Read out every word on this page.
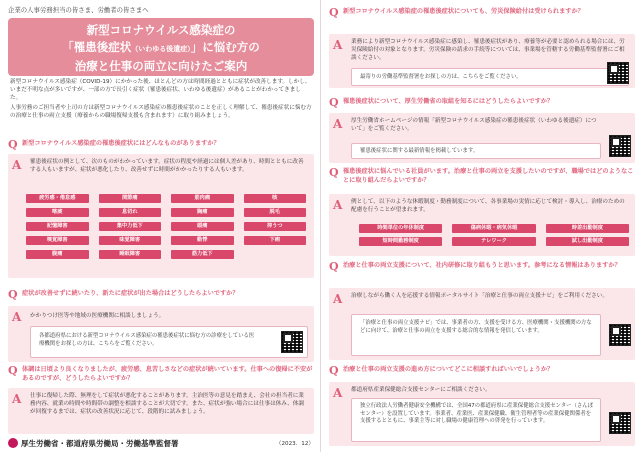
企業の人事労務担当の皆さま、労働者の皆さまへ
新型コロナウイルス感染症の
「罹患後症状（いわゆる後遺症）」に悩む方の
治療と仕事の両立に向けたご案内

新型コロナウイルス感染症（COVID-19）にかかった後、ほとんどの方は時間経過とともに症状が改善します。しかし、いまだ不明な点が多いですが、一部の方で長引く症状（罹患後症状、いわゆる後遺症）があることがわかってきました。

人事労務のご担当者や上司の方は新型コロナウイルス感染症の罹患後症状のことを正しく理解して、罹患後症状に悩む方の治療と仕事の両立支援（療養からの職場復帰支援も含まれます）に取り組みましょう。

Q 新型コロナウイルス感染症の罹患後症状にはどんなものがありますか？
A 罹患後症状の例として、次のものがわかっています。症状の程度や経過には個人差があり、時間とともに改善する人もいますが、症状が悪化したり、改善せずに時間がかかったりする人もいます。
疲労感・倦怠感	関節痛	筋肉痛	咳
喀痰	息切れ	胸痛	脱毛
記憶障害	集中力低下	頭痛	抑うつ
嗅覚障害	味覚障害	動悸	下痢
腹痛	睡眠障害	筋力低下
Q 症状が改善せずに続いたり、新たに症状が出た場合はどうしたらよいですか？
A かかりつけ医等や地域の医療機関に相談しましょう。
各都道府県における新型コロナウイルス感染症の罹患後症状に悩む方の診療をしている医療機関をお探しの方は、こちらをご覧ください。
Q 体調は日頃より良くなりましたが、疲労感、息苦しさなどの症状が続いています。仕事への復帰に不安があるのですが、どうしたらよいですか？
A 仕事に復帰した際、無理をして症状が悪化することがあります。主治医等の意見を踏まえ、会社の担当者に業務内容、就業の時間や時間帯の調整を相談することが大切です。また、症状が強い場合には仕事は休み、体調が回復するまでは、症状の改善状況に応じて、段階的に試みましょう。
厚生労働省・都道府県労働局・労働基準監督署	（2023．12）
Q 新型コロナウイルス感染症の罹患後症状についても、労災保険給付は受けられますか？
A 業務により新型コロナウイルス感染症に感染し、罹患後症状があり、療養等が必要と認められる場合には、労災保険給付の対象となります。労災保険の請求の手続等については、事業場を管轄する労働基準監督署にご相談ください。
最寄りの労働基準監督署をお探しの方は、こちらをご覧ください。
Q 罹患後症状について、厚生労働省の取組を知るにはどうしたらよいですか？
A 厚生労働省ホームページの情報「新型コロナウイルス感染症の罹患後症状（いわゆる後遺症）について」をご覧ください。
罹患後症状に関する最新情報を掲載しています。
Q 罹患後症状に悩んでいる社員がいます。治療と仕事の両立を支援したいのですが、職場ではどのようなことに取り組んだらよいですか？
A 例として、以下のような休暇制度・勤務制度について、各事業場の実情に応じて検討・導入し、治療のための配慮を行うことが望まれます。
時間単位の年休制度	傷病休暇・病気休暇	時差出勤制度
短時間勤務制度	テレワーク	試し出勤制度
Q 治療と仕事の両立支援について、社内研修に取り組もうと思います。参考になる情報はありますか？
A 治療しながら働く人を応援する情報ポータルサイト「治療と仕事の両立支援ナビ」をご利用ください。
「治療と仕事の両立支援ナビ」では、事業者の方、支援を受ける方、医療機関・支援機関の方などに向けて、治療と仕事の両立を支援する総合的な情報を発信しています。
Q 治療と仕事の両立支援の進め方についてどこに相談すればいいでしょうか？
A 都道府県産業保健総合支援センターにご相談ください。
独立行政法人労働者健康安全機構では、全国47の都道府県に産業保健総合支援センター（さんぽセンター）を設置しています。事業者、産業医、産業保健職、衛生管理者等の産業保健関係者を支援するとともに、事業主等に対し職場の健康管理への啓発を行っています。
